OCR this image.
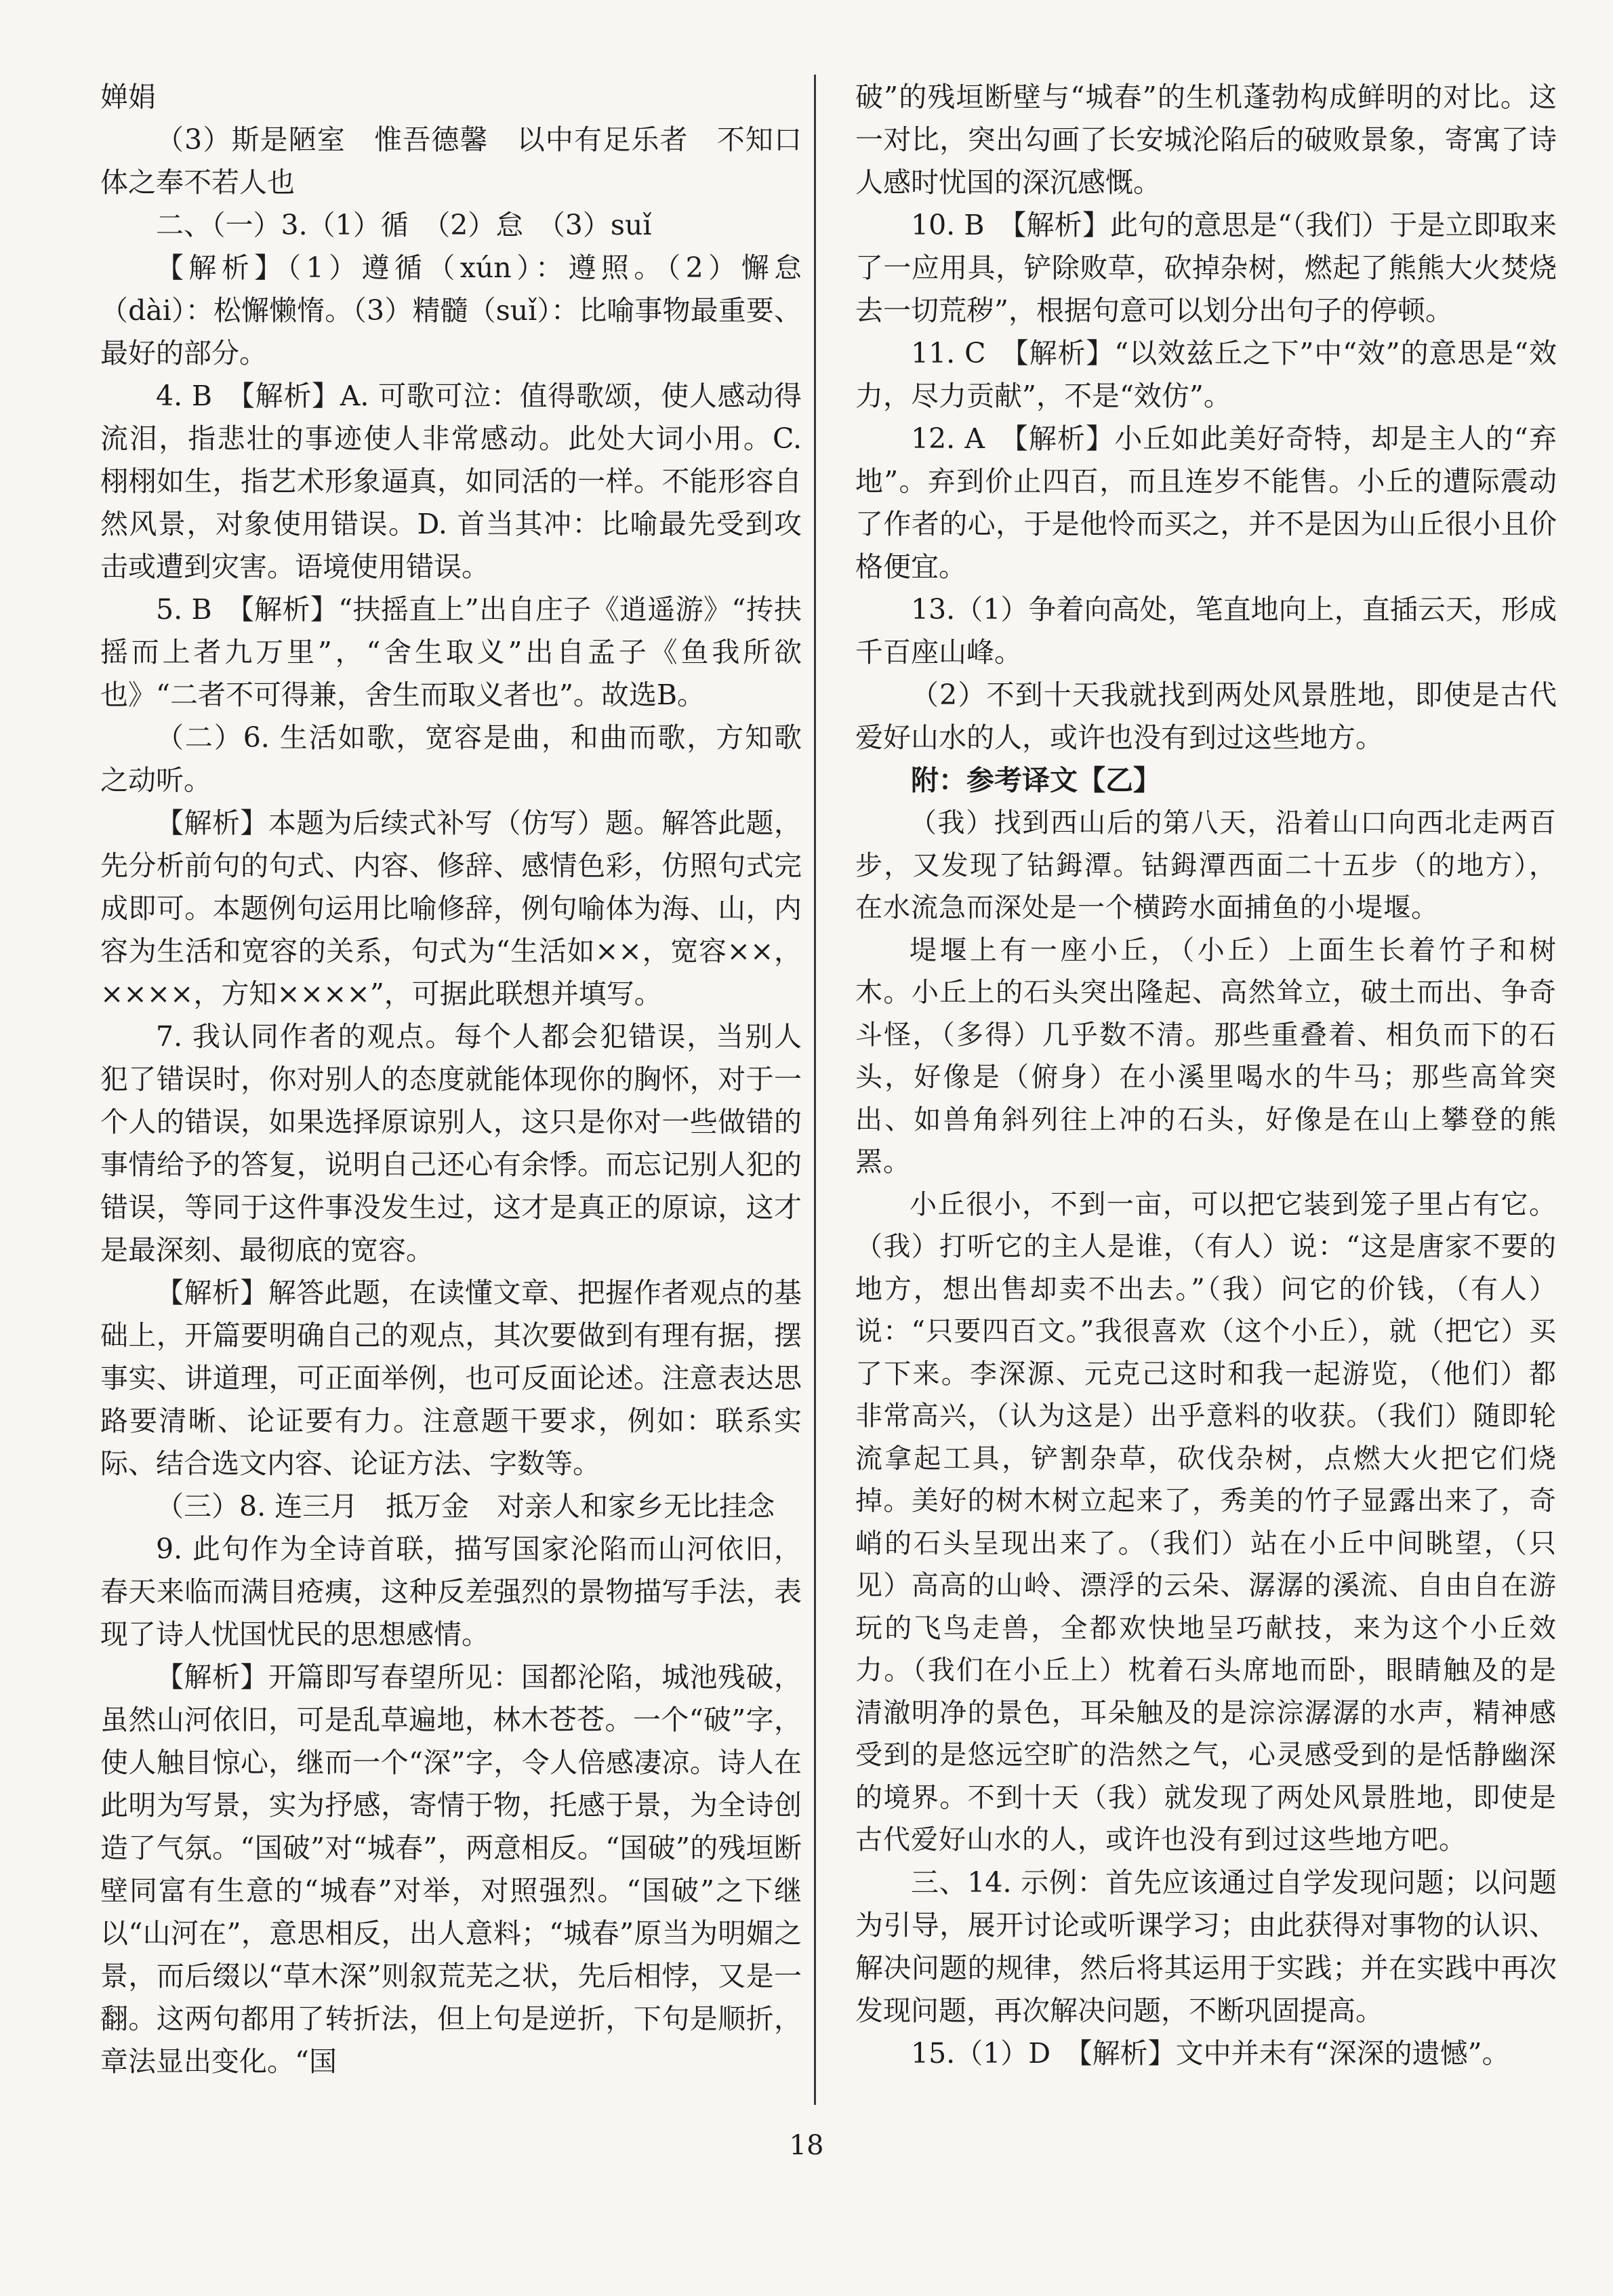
婵娟

（3）斯是陋室　惟吾德馨　以中有足乐者　不知口体之奉不若人也

二、（一）3.（1）循　（2）怠　（3）suǐ

【解析】（1）遵循（xún）：遵照。（2）懈怠（dài）：松懈懒惰。（3）精髓（suǐ）：比喻事物最重要、最好的部分。

4. B　【解析】A. 可歌可泣：值得歌颂，使人感动得流泪，指悲壮的事迹使人非常感动。此处大词小用。C. 栩栩如生，指艺术形象逼真，如同活的一样。不能形容自然风景，对象使用错误。D. 首当其冲：比喻最先受到攻击或遭到灾害。语境使用错误。

5. B　【解析】“扶摇直上”出自庄子《逍遥游》“抟扶摇而上者九万里”，“舍生取义”出自孟子《鱼我所欲也》“二者不可得兼，舍生而取义者也”。故选B。

（二）6. 生活如歌，宽容是曲，和曲而歌，方知歌之动听。

【解析】本题为后续式补写（仿写）题。解答此题，先分析前句的句式、内容、修辞、感情色彩，仿照句式完成即可。本题例句运用比喻修辞，例句喻体为海、山，内容为生活和宽容的关系，句式为“生活如××，宽容××，××××，方知××××”，可据此联想并填写。

7. 我认同作者的观点。每个人都会犯错误，当别人犯了错误时，你对别人的态度就能体现你的胸怀，对于一个人的错误，如果选择原谅别人，这只是你对一些做错的事情给予的答复，说明自己还心有余悸。而忘记别人犯的错误，等同于这件事没发生过，这才是真正的原谅，这才是最深刻、最彻底的宽容。

【解析】解答此题，在读懂文章、把握作者观点的基础上，开篇要明确自己的观点，其次要做到有理有据，摆事实、讲道理，可正面举例，也可反面论述。注意表达思路要清晰、论证要有力。注意题干要求，例如：联系实际、结合选文内容、论证方法、字数等。

（三）8. 连三月　抵万金　对亲人和家乡无比挂念

9. 此句作为全诗首联，描写国家沦陷而山河依旧，春天来临而满目疮痍，这种反差强烈的景物描写手法，表现了诗人忧国忧民的思想感情。

【解析】开篇即写春望所见：国都沦陷，城池残破，虽然山河依旧，可是乱草遍地，林木苍苍。一个“破”字，使人触目惊心，继而一个“深”字，令人倍感凄凉。诗人在此明为写景，实为抒感，寄情于物，托感于景，为全诗创造了气氛。“国破”对“城春”，两意相反。“国破”的残垣断壁同富有生意的“城春”对举，对照强烈。“国破”之下继以“山河在”，意思相反，出人意料；“城春”原当为明媚之景，而后缀以“草木深”则叙荒芜之状，先后相悖，又是一翻。这两句都用了转折法，但上句是逆折，下句是顺折，章法显出变化。“国

破”的残垣断壁与“城春”的生机蓬勃构成鲜明的对比。这一对比，突出勾画了长安城沦陷后的破败景象，寄寓了诗人感时忧国的深沉感慨。

10. B　【解析】此句的意思是“（我们）于是立即取来了一应用具，铲除败草，砍掉杂树，燃起了熊熊大火焚烧去一切荒秽”，根据句意可以划分出句子的停顿。

11. C　【解析】“以效兹丘之下”中“效”的意思是“效力，尽力贡献”，不是“效仿”。

12. A　【解析】小丘如此美好奇特，却是主人的“弃地”。弃到价止四百，而且连岁不能售。小丘的遭际震动了作者的心，于是他怜而买之，并不是因为山丘很小且价格便宜。

13.（1）争着向高处，笔直地向上，直插云天，形成千百座山峰。

（2）不到十天我就找到两处风景胜地，即使是古代爱好山水的人，或许也没有到过这些地方。

附：参考译文【乙】

（我）找到西山后的第八天，沿着山口向西北走两百步，又发现了钴鉧潭。钴鉧潭西面二十五步（的地方），在水流急而深处是一个横跨水面捕鱼的小堤堰。

堤堰上有一座小丘，（小丘）上面生长着竹子和树木。小丘上的石头突出隆起、高然耸立，破土而出、争奇斗怪，（多得）几乎数不清。那些重叠着、相负而下的石头，好像是（俯身）在小溪里喝水的牛马；那些高耸突出、如兽角斜列往上冲的石头，好像是在山上攀登的熊罴。

小丘很小，不到一亩，可以把它装到笼子里占有它。（我）打听它的主人是谁，（有人）说：“这是唐家不要的地方，想出售却卖不出去。”（我）问它的价钱，（有人）说：“只要四百文。”我很喜欢（这个小丘），就（把它）买了下来。李深源、元克己这时和我一起游览，（他们）都非常高兴，（认为这是）出乎意料的收获。（我们）随即轮流拿起工具，铲割杂草，砍伐杂树，点燃大火把它们烧掉。美好的树木树立起来了，秀美的竹子显露出来了，奇峭的石头呈现出来了。（我们）站在小丘中间眺望，（只见）高高的山岭、漂浮的云朵、潺潺的溪流、自由自在游玩的飞鸟走兽，全都欢快地呈巧献技，来为这个小丘效力。（我们在小丘上）枕着石头席地而卧，眼睛触及的是清澈明净的景色，耳朵触及的是淙淙潺潺的水声，精神感受到的是悠远空旷的浩然之气，心灵感受到的是恬静幽深的境界。不到十天（我）就发现了两处风景胜地，即使是古代爱好山水的人，或许也没有到过这些地方吧。

三、14. 示例：首先应该通过自学发现问题；以问题为引导，展开讨论或听课学习；由此获得对事物的认识、解决问题的规律，然后将其运用于实践；并在实践中再次发现问题，再次解决问题，不断巩固提高。

15.（1）D　【解析】文中并未有“深深的遗憾”。

18
